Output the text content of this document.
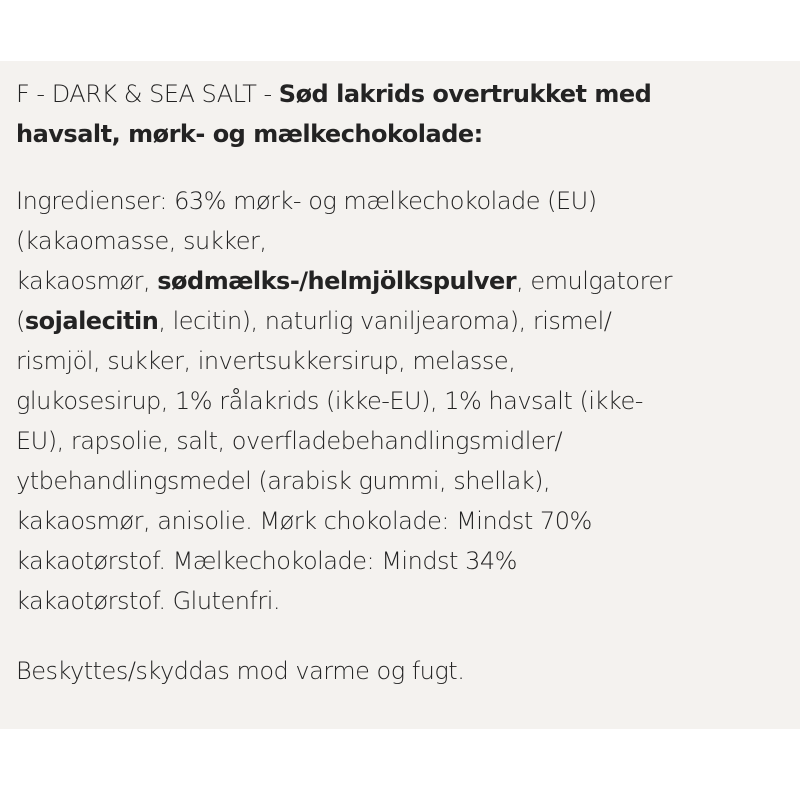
F - DARK & SEA SALT - Sød lakrids overtrukket med
havsalt, mørk- og mælkechokolade:
Ingredienser: 63% mørk- og mælkechokolade (EU)
(kakaomasse, sukker,
kakaosmør, sødmælks-/helmjölkspulver, emulgatorer
(sojalecitin, lecitin), naturlig vaniljearoma), rismel/
rismjöl, sukker, invertsukkersirup, melasse,
glukosesirup, 1% rålakrids (ikke-EU), 1% havsalt (ikke-
EU), rapsolie, salt, overfladebehandlingsmidler/
ytbehandlingsmedel (arabisk gummi, shellak),
kakaosmør, anisolie. Mørk chokolade: Mindst 70%
kakaotørstof. Mælkechokolade: Mindst 34%
kakaotørstof. Glutenfri.
Beskyttes/skyddas mod varme og fugt.
